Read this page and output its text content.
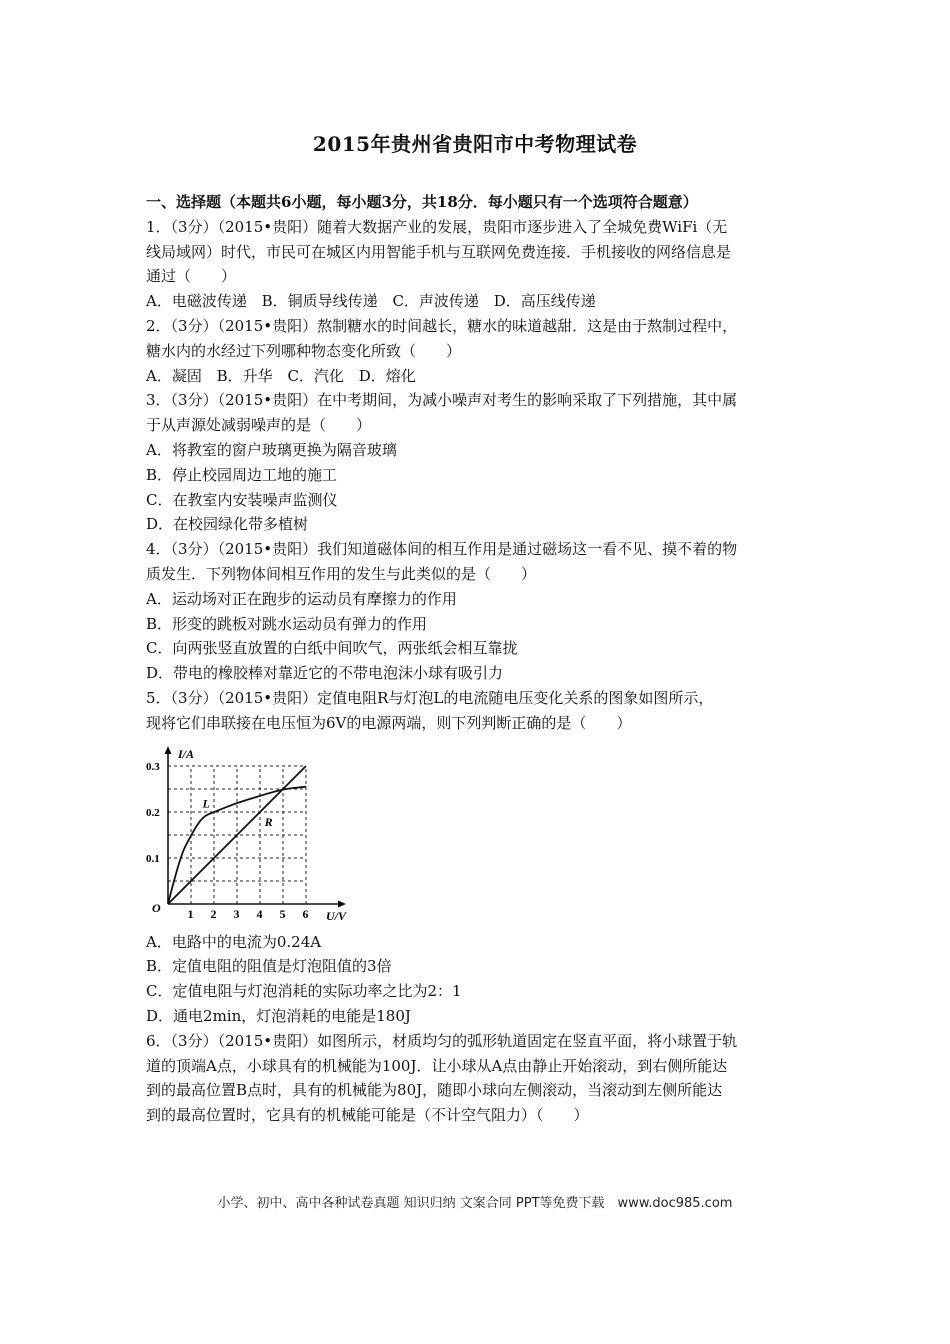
2015年贵州省贵阳市中考物理试卷
一、选择题（本题共6小题，每小题3分，共18分．每小题只有一个选项符合题意）
1．（3分）（2015•贵阳）随着大数据产业的发展，贵阳市逐步进入了全城免费WiFi（无
线局域网）时代，市民可在城区内用智能手机与互联网免费连接．手机接收的网络信息是
通过（　　）
A．电磁波传递 B．铜质导线传递 C．声波传递 D．高压线传递
2．（3分）（2015•贵阳）熬制糖水的时间越长，糖水的味道越甜．这是由于熬制过程中，
糖水内的水经过下列哪种物态变化所致（　　）
A．凝固 B．升华 C．汽化 D．熔化
3．（3分）（2015•贵阳）在中考期间，为减小噪声对考生的影响采取了下列措施，其中属
于从声源处减弱噪声的是（　　）
A．将教室的窗户玻璃更换为隔音玻璃
B．停止校园周边工地的施工
C．在教室内安装噪声监测仪
D．在校园绿化带多植树
4．（3分）（2015•贵阳）我们知道磁体间的相互作用是通过磁场这一看不见、摸不着的物
质发生．下列物体间相互作用的发生与此类似的是（　　）
A．运动场对正在跑步的运动员有摩擦力的作用
B．形变的跳板对跳水运动员有弹力的作用
C．向两张竖直放置的白纸中间吹气，两张纸会相互靠拢
D．带电的橡胶棒对靠近它的不带电泡沫小球有吸引力
5．（3分）（2015•贵阳）定值电阻R与灯泡L的电流随电压变化关系的图象如图所示，
现将它们串联接在电压恒为6V的电源两端，则下列判断正确的是（　　）
I/A
U/V
O 1 2 3 4 5 6
0.1
0.2
0.3
L
R
A．电路中的电流为0.24A
B．定值电阻的阻值是灯泡阻值的3倍
C．定值电阻与灯泡消耗的实际功率之比为2：1
D．通电2min，灯泡消耗的电能是180J
6．（3分）（2015•贵阳）如图所示，材质均匀的弧形轨道固定在竖直平面，将小球置于轨
道的顶端A点，小球具有的机械能为100J．让小球从A点由静止开始滚动，到右侧所能达
到的最高位置B点时，具有的机械能为80J，随即小球向左侧滚动，当滚动到左侧所能达
到的最高位置时，它具有的机械能可能是（不计空气阻力）（　　）
小学、初中、高中各种试卷真题 知识归纳 文案合同 PPT等免费下载　www.doc985.com
